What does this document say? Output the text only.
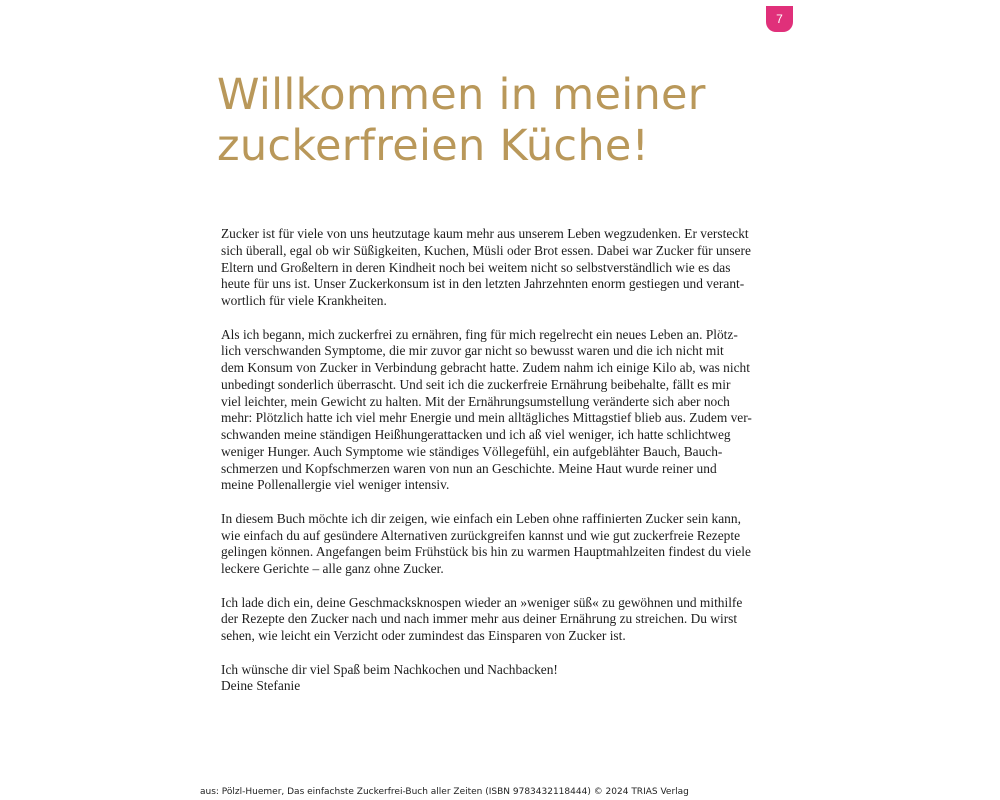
7
Willkommen in meiner
zuckerfreien Küche!
Zucker ist für viele von uns heutzutage kaum mehr aus unserem Leben wegzudenken. Er versteckt
sich überall, egal ob wir Süßigkeiten, Kuchen, Müsli oder Brot essen. Dabei war Zucker für unsere
Eltern und Großeltern in deren Kindheit noch bei weitem nicht so selbstverständlich wie es das
heute für uns ist. Unser Zuckerkonsum ist in den letzten Jahrzehnten enorm gestiegen und verant-
wortlich für viele Krankheiten.
Als ich begann, mich zuckerfrei zu ernähren, fing für mich regelrecht ein neues Leben an. Plötz-
lich verschwanden Symptome, die mir zuvor gar nicht so bewusst waren und die ich nicht mit
dem Konsum von Zucker in Verbindung gebracht hatte. Zudem nahm ich einige Kilo ab, was nicht
unbedingt sonderlich überrascht. Und seit ich die zuckerfreie Ernährung beibehalte, fällt es mir
viel leichter, mein Gewicht zu halten. Mit der Ernährungsumstellung veränderte sich aber noch
mehr: Plötzlich hatte ich viel mehr Energie und mein alltägliches Mittagstief blieb aus. Zudem ver-
schwanden meine ständigen Heißhungerattacken und ich aß viel weniger, ich hatte schlichtweg
weniger Hunger. Auch Symptome wie ständiges Völlegefühl, ein aufgeblähter Bauch, Bauch-
schmerzen und Kopfschmerzen waren von nun an Geschichte. Meine Haut wurde reiner und
meine Pollenallergie viel weniger intensiv.
In diesem Buch möchte ich dir zeigen, wie einfach ein Leben ohne raffinierten Zucker sein kann,
wie einfach du auf gesündere Alternativen zurückgreifen kannst und wie gut zuckerfreie Rezepte
gelingen können. Angefangen beim Frühstück bis hin zu warmen Hauptmahlzeiten findest du viele
leckere Gerichte – alle ganz ohne Zucker.
Ich lade dich ein, deine Geschmacksknospen wieder an »weniger süß« zu gewöhnen und mithilfe
der Rezepte den Zucker nach und nach immer mehr aus deiner Ernährung zu streichen. Du wirst
sehen, wie leicht ein Verzicht oder zumindest das Einsparen von Zucker ist.
Ich wünsche dir viel Spaß beim Nachkochen und Nachbacken!
Deine Stefanie
aus: Pölzl-Huemer, Das einfachste Zuckerfrei-Buch aller Zeiten (ISBN 9783432118444) © 2024 TRIAS Verlag
